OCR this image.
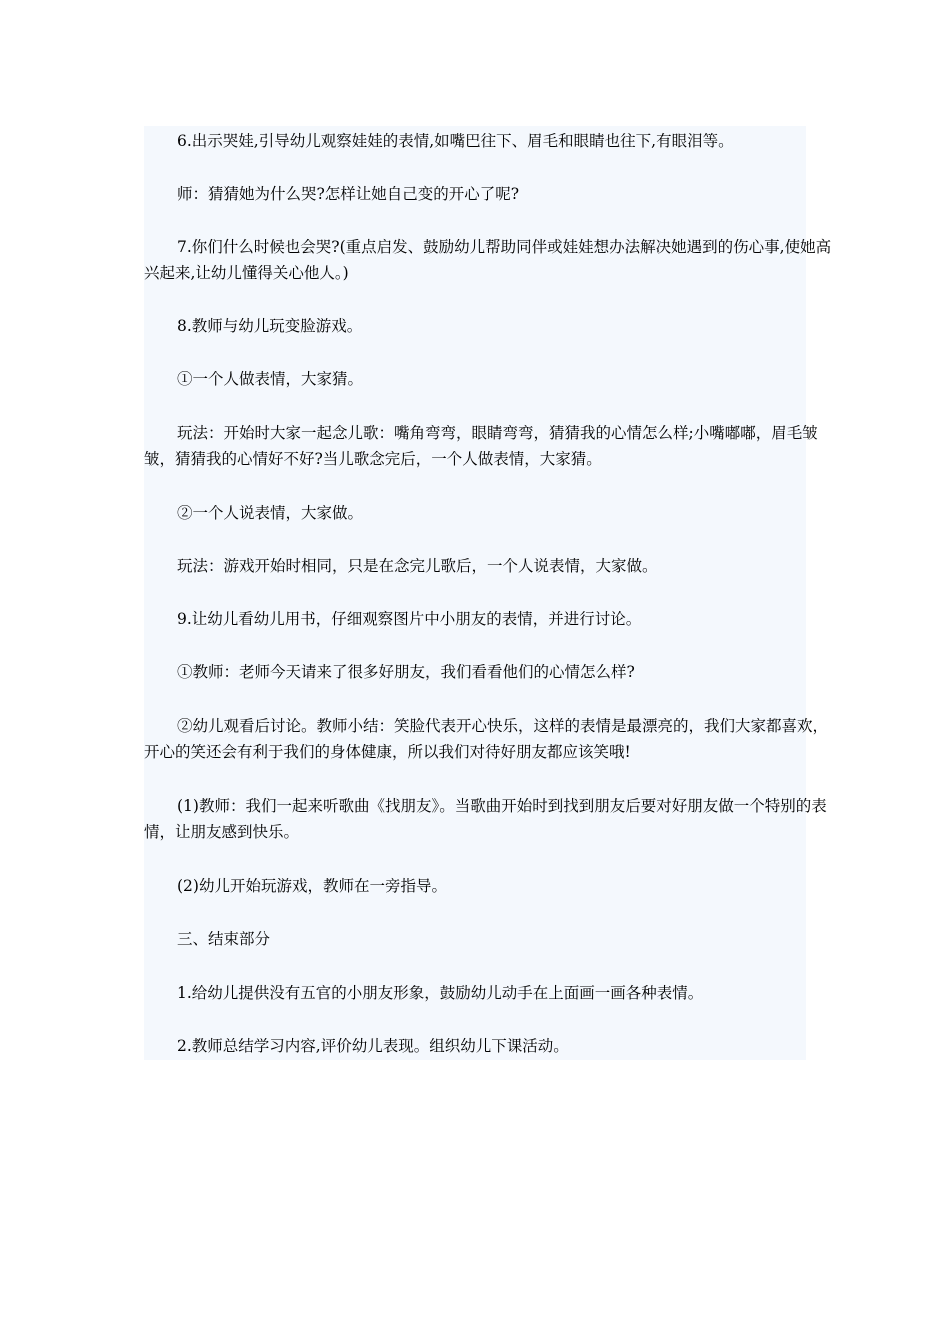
6.出示哭娃,引导幼儿观察娃娃的表情,如嘴巴往下、眉毛和眼睛也往下,有眼泪等。

师：猜猜她为什么哭?怎样让她自己变的开心了呢?

7.你们什么时候也会哭?(重点启发、鼓励幼儿帮助同伴或娃娃想办法解决她遇到的伤心事,使她高兴起来,让幼儿懂得关心他人。)

8.教师与幼儿玩变脸游戏。

①一个人做表情，大家猜。

玩法：开始时大家一起念儿歌：嘴角弯弯，眼睛弯弯，猜猜我的心情怎么样;小嘴嘟嘟，眉毛皱皱，猜猜我的心情好不好?当儿歌念完后，一个人做表情，大家猜。

②一个人说表情，大家做。

玩法：游戏开始时相同，只是在念完儿歌后，一个人说表情，大家做。

9.让幼儿看幼儿用书，仔细观察图片中小朋友的表情，并进行讨论。

①教师：老师今天请来了很多好朋友，我们看看他们的心情怎么样?

②幼儿观看后讨论。教师小结：笑脸代表开心快乐，这样的表情是最漂亮的，我们大家都喜欢，开心的笑还会有利于我们的身体健康，所以我们对待好朋友都应该笑哦!

(1)教师：我们一起来听歌曲《找朋友》。当歌曲开始时到找到朋友后要对好朋友做一个特别的表情，让朋友感到快乐。

(2)幼儿开始玩游戏，教师在一旁指导。

三、结束部分

1.给幼儿提供没有五官的小朋友形象，鼓励幼儿动手在上面画一画各种表情。

2.教师总结学习内容,评价幼儿表现。组织幼儿下课活动。
